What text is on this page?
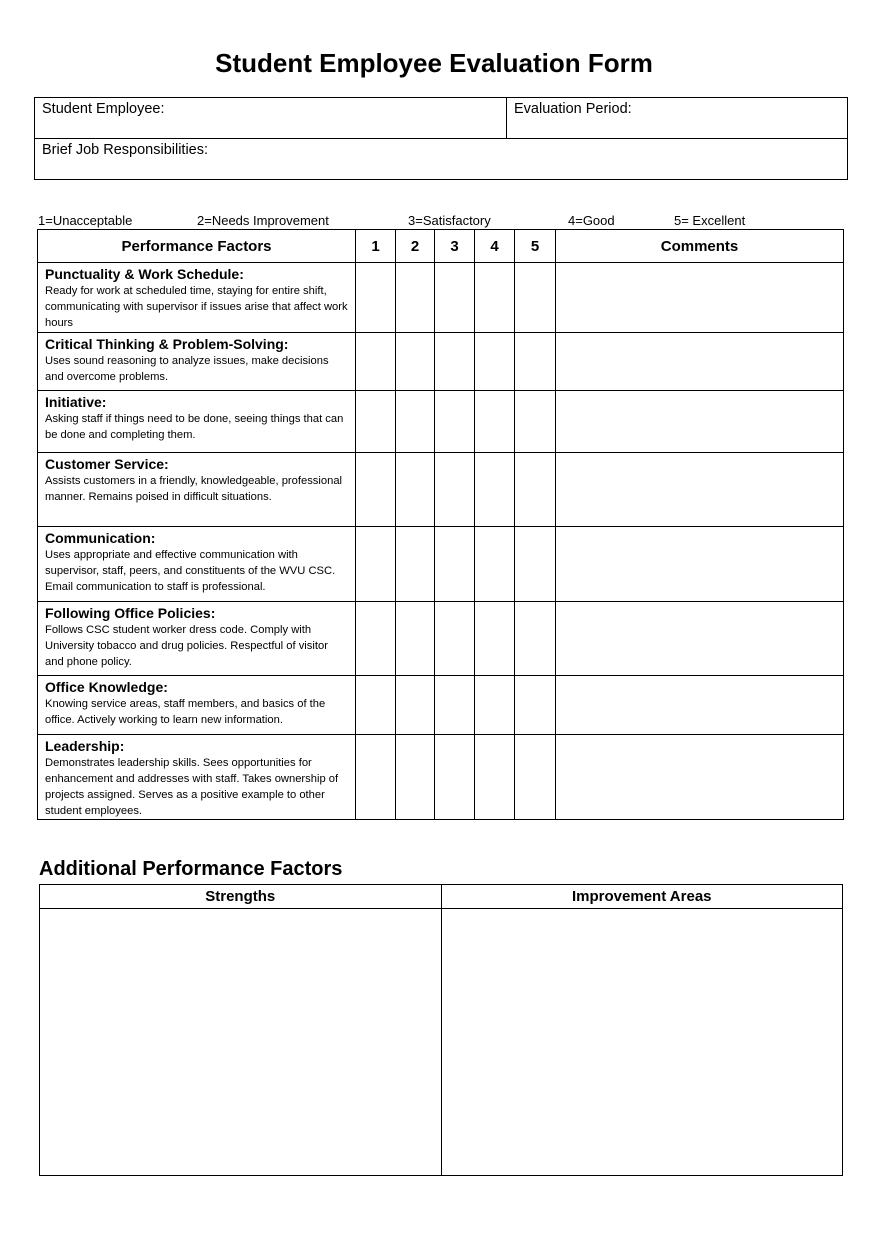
Student Employee Evaluation Form
Student Employee:	Evaluation Period:
Brief Job Responsibilities:
1=Unacceptable	2=Needs Improvement	3=Satisfactory	4=Good	5= Excellent
Performance Factors	1	2	3	4	5	Comments

Punctuality & Work Schedule:
Ready for work at scheduled time, staying for entire shift, communicating with supervisor if issues arise that affect work hours						

Critical Thinking & Problem-Solving:
Uses sound reasoning to analyze issues, make decisions and overcome problems.						

Initiative:
Asking staff if things need to be done, seeing things that can be done and completing them.						

Customer Service:
Assists customers in a friendly, knowledgeable, professional manner. Remains poised in difficult situations.						

Communication:
Uses appropriate and effective communication with supervisor, staff, peers, and constituents of the WVU CSC. Email communication to staff is professional.						

Following Office Policies:
Follows CSC student worker dress code. Comply with University tobacco and drug policies. Respectful of visitor and phone policy.						

Office Knowledge:
Knowing service areas, staff members, and basics of the office. Actively working to learn new information.						

Leadership:
Demonstrates leadership skills. Sees opportunities for enhancement and addresses with staff. Takes ownership of projects assigned. Serves as a positive example to other student employees.						

Additional Performance Factors
Strengths	Improvement Areas
